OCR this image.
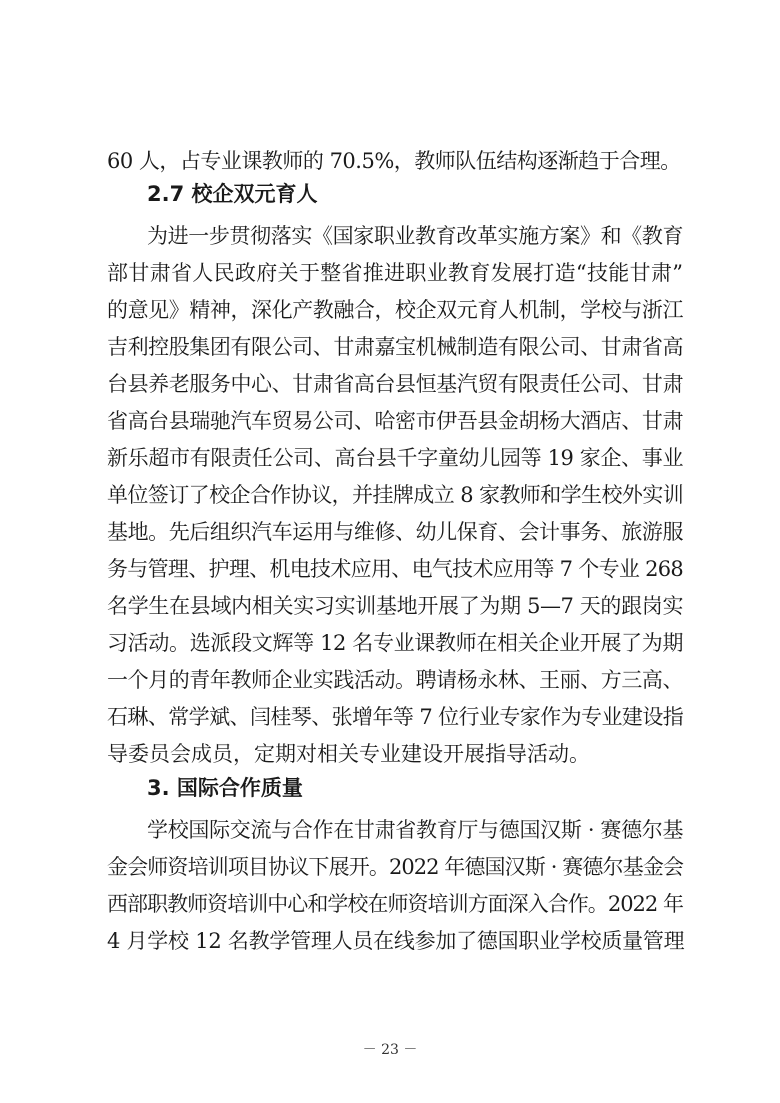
60 人，占专业课教师的 70.5%，教师队伍结构逐渐趋于合理。
2.7 校企双元育人
为进一步贯彻落实《国家职业教育改革实施方案》和《教育
部甘肃省人民政府关于整省推进职业教育发展打造“技能甘肃”
的意见》精神，深化产教融合，校企双元育人机制，学校与浙江
吉利控股集团有限公司、甘肃嘉宝机械制造有限公司、甘肃省高
台县养老服务中心、甘肃省高台县恒基汽贸有限责任公司、甘肃
省高台县瑞驰汽车贸易公司、哈密市伊吾县金胡杨大酒店、甘肃
新乐超市有限责任公司、高台县千字童幼儿园等 19 家企、事业
单位签订了校企合作协议，并挂牌成立 8 家教师和学生校外实训
基地。先后组织汽车运用与维修、幼儿保育、会计事务、旅游服
务与管理、护理、机电技术应用、电气技术应用等 7 个专业 268
名学生在县域内相关实习实训基地开展了为期 5—7 天的跟岗实
习活动。选派段文辉等 12 名专业课教师在相关企业开展了为期
一个月的青年教师企业实践活动。聘请杨永林、王丽、方三高、
石琳、常学斌、闫桂琴、张增年等 7 位行业专家作为专业建设指
导委员会成员，定期对相关专业建设开展指导活动。
3. 国际合作质量
学校国际交流与合作在甘肃省教育厅与德国汉斯 · 赛德尔基
金会师资培训项目协议下展开。2022 年德国汉斯 · 赛德尔基金会
西部职教师资培训中心和学校在师资培训方面深入合作。2022 年
4 月学校 12 名教学管理人员在线参加了德国职业学校质量管理
－ 23 －
